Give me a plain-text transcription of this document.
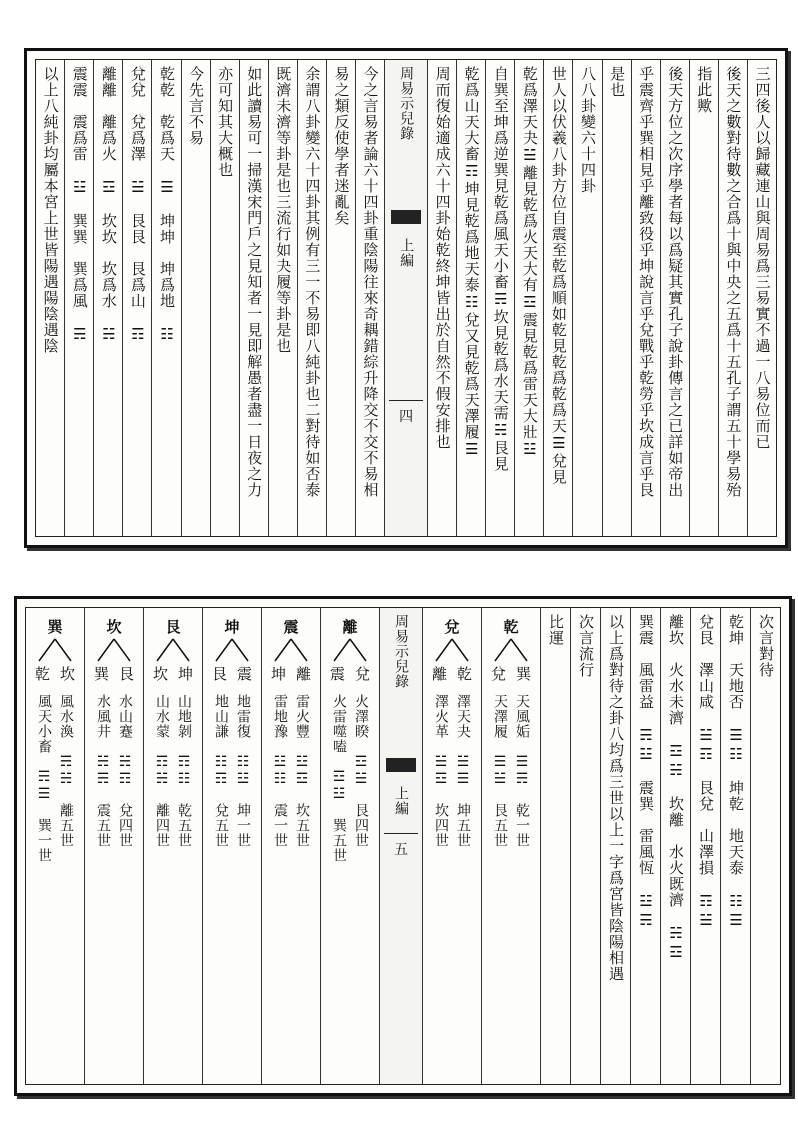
三四後人以歸藏連山與周易爲三易實不過一八易位而已
後天之數對待數之合爲十與中央之五爲十五孔子謂五十學易殆
指此歟
後天方位之次序學者每以爲疑其實孔子說卦傳言之已詳如帝出
乎震齊乎巽相見乎離致役乎坤說言乎兌戰乎乾勞乎坎成言乎艮
是也
八八卦變六十四卦
世人以伏羲八卦方位自震至乾爲順如乾見乾爲乾爲天☰兌見
乾爲澤天夬☱離見乾爲火天大有☲震見乾爲雷天大壯☳
自巽至坤爲逆巽見乾爲風天小畜☴坎見乾爲水天需☵艮見
乾爲山天大畜☶坤見乾爲地天泰☷兌又見乾爲天澤履☰
周而復始適成六十四卦始乾終坤皆出於自然不假安排也
周易示兒錄
上編
四
今之言易者論六十四卦重陰陽往來奇耦錯綜升降交不交不易相
易之類反使學者迷亂矣
余謂八卦變六十四卦其例有三一不易即八純卦也二對待如否泰
既濟未濟等卦是也三流行如夬履等卦是也
如此讀易可一掃漢宋門戶之見知者一見即解愚者盡一日夜之力
亦可知其大概也
今先言不易
乾乾　乾爲天　☰　坤坤　坤爲地　☷
兌兌　兌爲澤　☱　艮艮　艮爲山　☶
離離　離爲火　☲　坎坎　坎爲水　☵
震震　震爲雷　☳　巽巽　巽爲風　☴
以上八純卦均屬本宮上世皆陽遇陽陰遇陰
次言對待
乾坤　天地否　☰☷　坤乾　地天泰　☷☰
兌艮　澤山咸　☱☶　艮兌　山澤損　☶☱
離坎　火水未濟　☲☵　坎離　水火既濟　☵☲
巽震　風雷益　☴☳　震巽　雷風恆　☳☴
以上爲對待之卦八均爲三世以上一字爲宮皆陰陽相遇
次言流行
比運
乾
兌 巽
天風姤　☰☴　乾一世
天澤履　☰☱　艮五世
兌
離 乾
澤天夬　☱☰　坤五世
澤火革　☱☲　坎四世
周易示兒錄
上編
五
離
震 兌
火澤睽　☲☱　艮四世
火雷噬嗑　☲☳　巽五世
震
坤 離
雷火豐　☳☲　坎五世
雷地豫　☳☷　震一世
坤
艮 震
地雷復　☷☳　坤一世
地山謙　☷☶　兌五世
艮
坎 坤
山地剝　☶☷　乾五世
山水蒙　☶☵　離四世
坎
巽 艮
水山蹇　☵☶　兌四世
水風井　☵☴　震五世
巽
乾 坎
風水渙　☴☵　離五世
風天小畜　☴☰　巽一世
